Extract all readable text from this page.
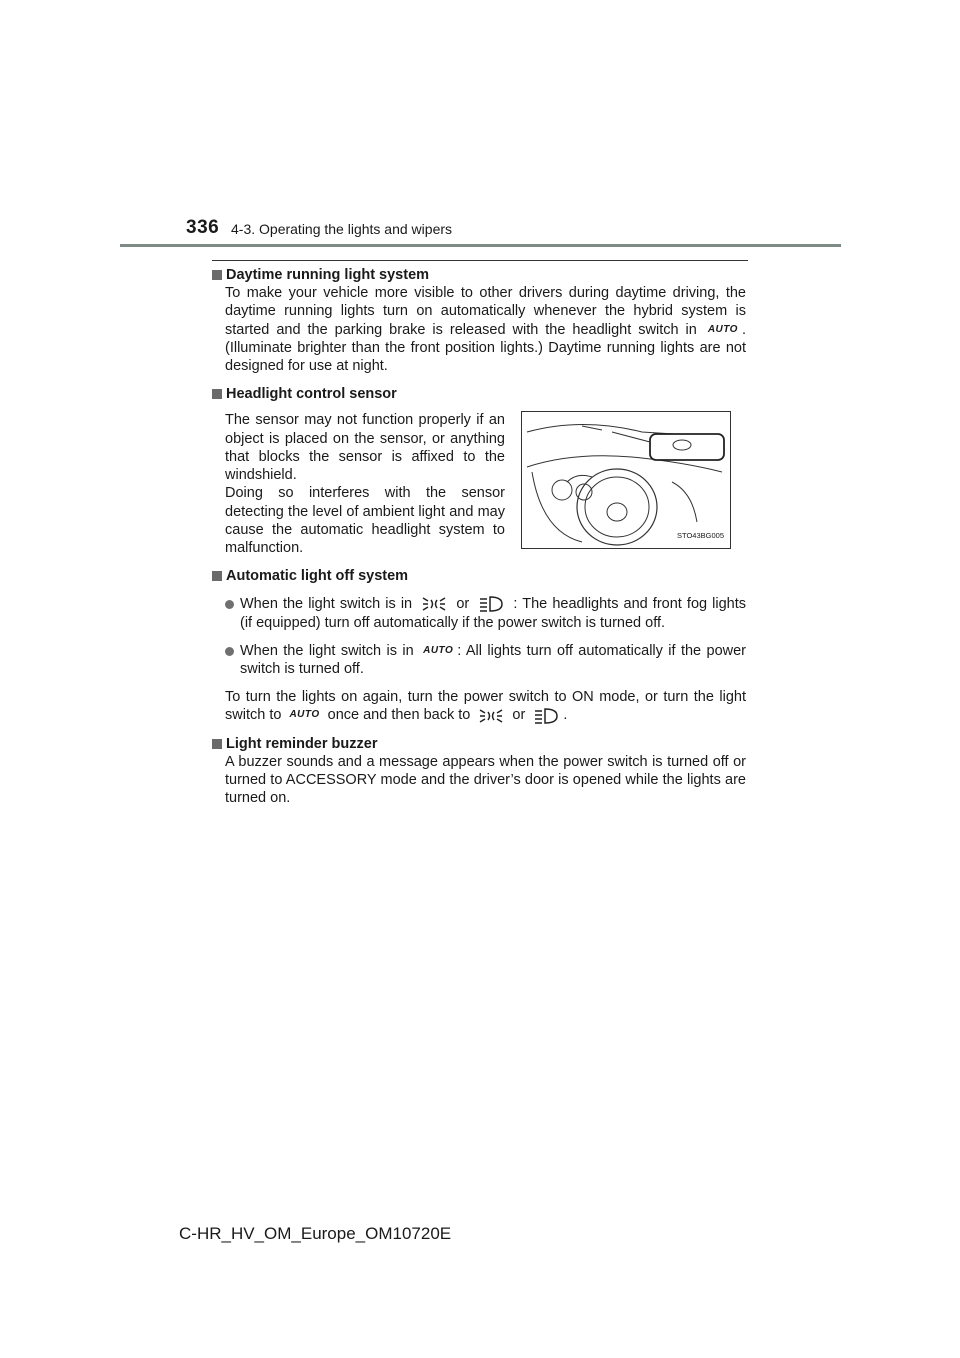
336 4-3. Operating the lights and wipers
Daytime running light system

To make your vehicle more visible to other drivers during daytime driving, the daytime running lights turn on automatically whenever the hybrid system is started and the parking brake is released with the headlight switch in AUTO . (Illuminate brighter than the front position lights.) Daytime running lights are not designed for use at night.

Headlight control sensor

The sensor may not function properly if an object is placed on the sensor, or anything that blocks the sensor is affixed to the windshield.

Doing so interferes with the sensor detecting the level of ambient light and may cause the automatic headlight system to malfunction.

STO43BG005
Automatic light off system

When the light switch is in	or	: The headlights and front fog lights (if equipped) turn off automatically if the power switch is turned off.

When the light switch is in AUTO : All lights turn off automatically if the power switch is turned off.

To turn the lights on again, turn the power switch to ON mode, or turn the light switch to AUTO once and then back to	or	.

Light reminder buzzer

A buzzer sounds and a message appears when the power switch is turned off or turned to ACCESSORY mode and the driver’s door is opened while the lights are turned on.

C-HR_HV_OM_Europe_OM10720E
